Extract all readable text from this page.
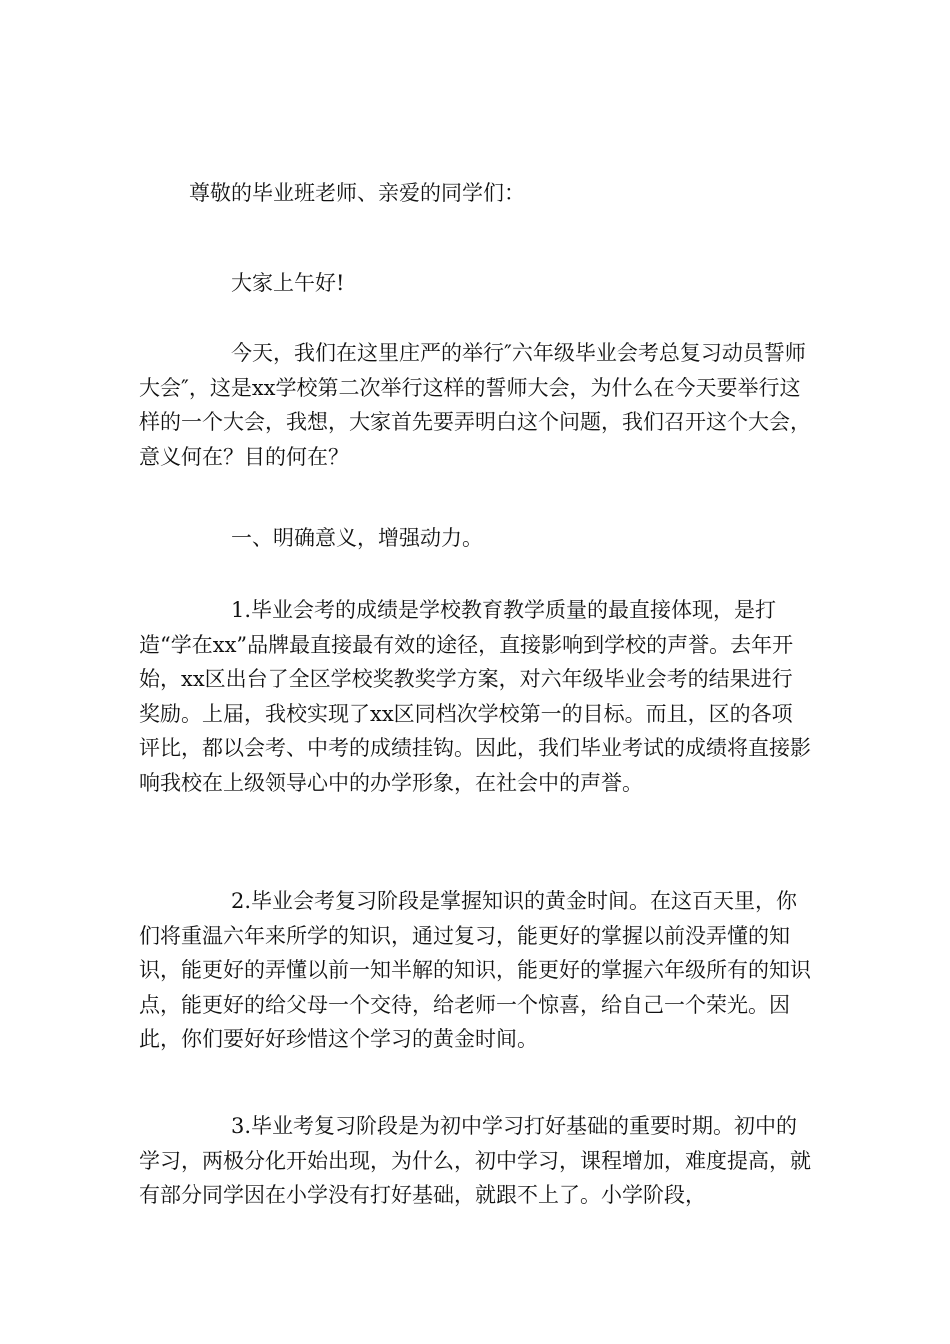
尊敬的毕业班老师、亲爱的同学们：

大家上午好!

今天，我们在这里庄严的举行″六年级毕业会考总复习动员誓师大会″，这是xx学校第二次举行这样的誓师大会，为什么在今天要举行这样的一个大会，我想，大家首先要弄明白这个问题，我们召开这个大会，意义何在？目的何在？

一、明确意义，增强动力。

1.毕业会考的成绩是学校教育教学质量的最直接体现，是打造“学在xx”品牌最直接最有效的途径，直接影响到学校的声誉。去年开始，xx区出台了全区学校奖教奖学方案，对六年级毕业会考的结果进行奖励。上届，我校实现了xx区同档次学校第一的目标。而且，区的各项评比，都以会考、中考的成绩挂钩。因此，我们毕业考试的成绩将直接影响我校在上级领导心中的办学形象，在社会中的声誉。

2.毕业会考复习阶段是掌握知识的黄金时间。在这百天里，你们将重温六年来所学的知识，通过复习，能更好的掌握以前没弄懂的知识，能更好的弄懂以前一知半解的知识，能更好的掌握六年级所有的知识点，能更好的给父母一个交待，给老师一个惊喜，给自己一个荣光。因此，你们要好好珍惜这个学习的黄金时间。

3.毕业考复习阶段是为初中学习打好基础的重要时期。初中的学习，两极分化开始出现，为什么，初中学习，课程增加，难度提高，就有部分同学因在小学没有打好基础，就跟不上了。小学阶段，
